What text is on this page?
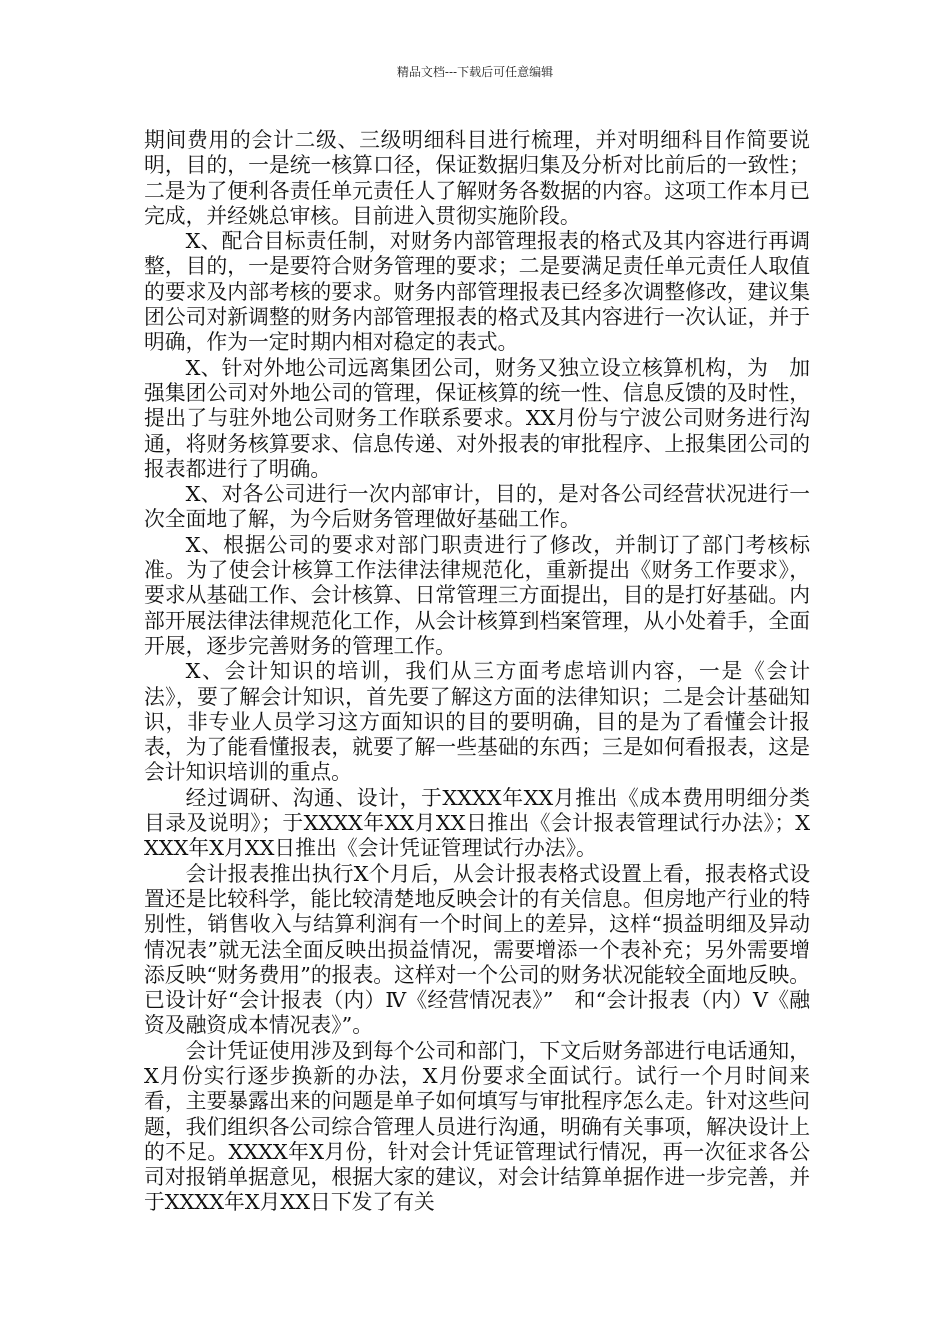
精品文档---下载后可任意编辑

期间费用的会计二级、三级明细科目进行梳理，并对明细科目作简要说明，目的，一是统一核算口径，保证数据归集及分析对比前后的一致性；二是为了便利各责任单元责任人了解财务各数据的内容。这项工作本月已完成，并经姚总审核。目前进入贯彻实施阶段。

X、配合目标责任制，对财务内部管理报表的格式及其内容进行再调整，目的，一是要符合财务管理的要求；二是要满足责任单元责任人取值的要求及内部考核的要求。财务内部管理报表已经多次调整修改，建议集团公司对新调整的财务内部管理报表的格式及其内容进行一次认证，并于明确，作为一定时期内相对稳定的表式。

X、针对外地公司远离集团公司，财务又独立设立核算机构，为　加强集团公司对外地公司的管理，保证核算的统一性、信息反馈的及时性，提出了与驻外地公司财务工作联系要求。XX月份与宁波公司财务进行沟通，将财务核算要求、信息传递、对外报表的审批程序、上报集团公司的报表都进行了明确。

X、对各公司进行一次内部审计，目的，是对各公司经营状况进行一次全面地了解，为今后财务管理做好基础工作。

X、根据公司的要求对部门职责进行了修改，并制订了部门考核标准。为了使会计核算工作法律法律规范化，重新提出《财务工作要求》，要求从基础工作、会计核算、日常管理三方面提出，目的是打好基础。内部开展法律法律规范化工作，从会计核算到档案管理，从小处着手，全面开展，逐步完善财务的管理工作。

X、会计知识的培训，我们从三方面考虑培训内容，一是《会计法》，要了解会计知识，首先要了解这方面的法律知识；二是会计基础知识，非专业人员学习这方面知识的目的要明确，目的是为了看懂会计报表，为了能看懂报表，就要了解一些基础的东西；三是如何看报表，这是会计知识培训的重点。

经过调研、沟通、设计，于XXXX年XX月推出《成本费用明细分类目录及说明》；于XXXX年XX月XX日推出《会计报表管理试行办法》；XXXX年X月XX日推出《会计凭证管理试行办法》。

会计报表推出执行X个月后，从会计报表格式设置上看，报表格式设置还是比较科学，能比较清楚地反映会计的有关信息。但房地产行业的特别性，销售收入与结算利润有一个时间上的差异，这样“损益明细及异动情况表”就无法全面反映出损益情况，需要增添一个表补充；另外需要增添反映“财务费用”的报表。这样对一个公司的财务状况能较全面地反映。已设计好“会计报表（内）Ⅳ《经营情况表》”　和“会计报表（内）Ⅴ《融资及融资成本情况表》”。

会计凭证使用涉及到每个公司和部门，下文后财务部进行电话通知，X月份实行逐步换新的办法，X月份要求全面试行。试行一个月时间来看，主要暴露出来的问题是单子如何填写与审批程序怎么走。针对这些问题，我们组织各公司综合管理人员进行沟通，明确有关事项，解决设计上的不足。XXXX年X月份，针对会计凭证管理试行情况，再一次征求各公司对报销单据意见，根据大家的建议，对会计结算单据作进一步完善，并于XXXX年X月XX日下发了有关
